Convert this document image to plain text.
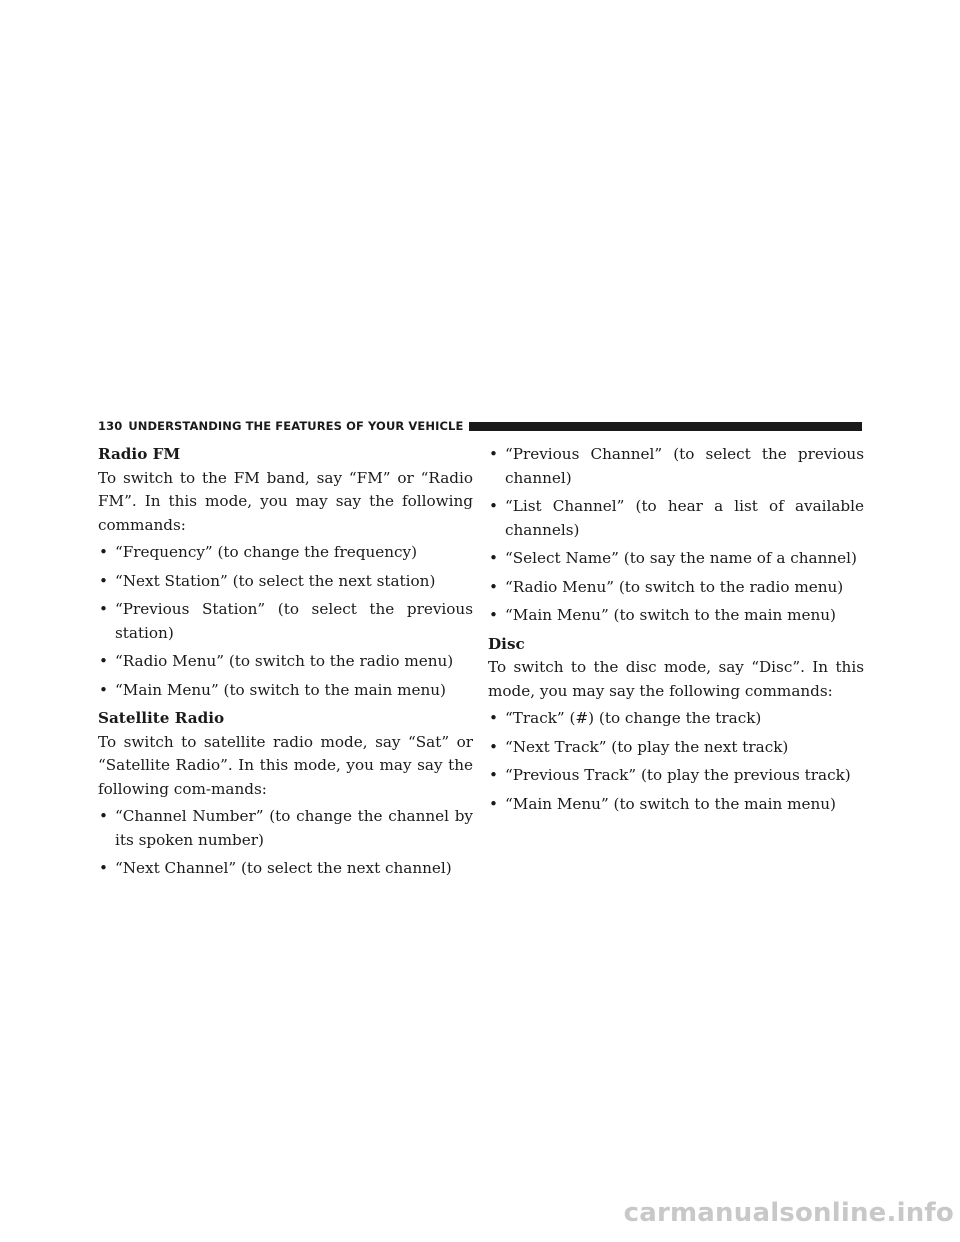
130 UNDERSTANDING THE FEATURES OF YOUR VEHICLE
Radio FM

To switch to the FM band, say “FM” or “Radio FM”. In this mode, you may say the following commands:

• “Frequency” (to change the frequency)
• “Next Station” (to select the next station)
• “Previous Station” (to select the previous station)
• “Radio Menu” (to switch to the radio menu)
• “Main Menu” (to switch to the main menu)
Satellite Radio

To switch to satellite radio mode, say “Sat” or “Satellite Radio”. In this mode, you may say the following com-mands:

• “Channel Number” (to change the channel by its spoken number)
• “Next Channel” (to select the next channel)
• “Previous Channel” (to select the previous channel)
• “List Channel” (to hear a list of available channels)
• “Select Name” (to say the name of a channel)
• “Radio Menu” (to switch to the radio menu)
• “Main Menu” (to switch to the main menu)
Disc

To switch to the disc mode, say “Disc”. In this mode, you may say the following commands:

• “Track” (#) (to change the track)
• “Next Track” (to play the next track)
• “Previous Track” (to play the previous track)
• “Main Menu” (to switch to the main menu)
carmanualsonline.info
